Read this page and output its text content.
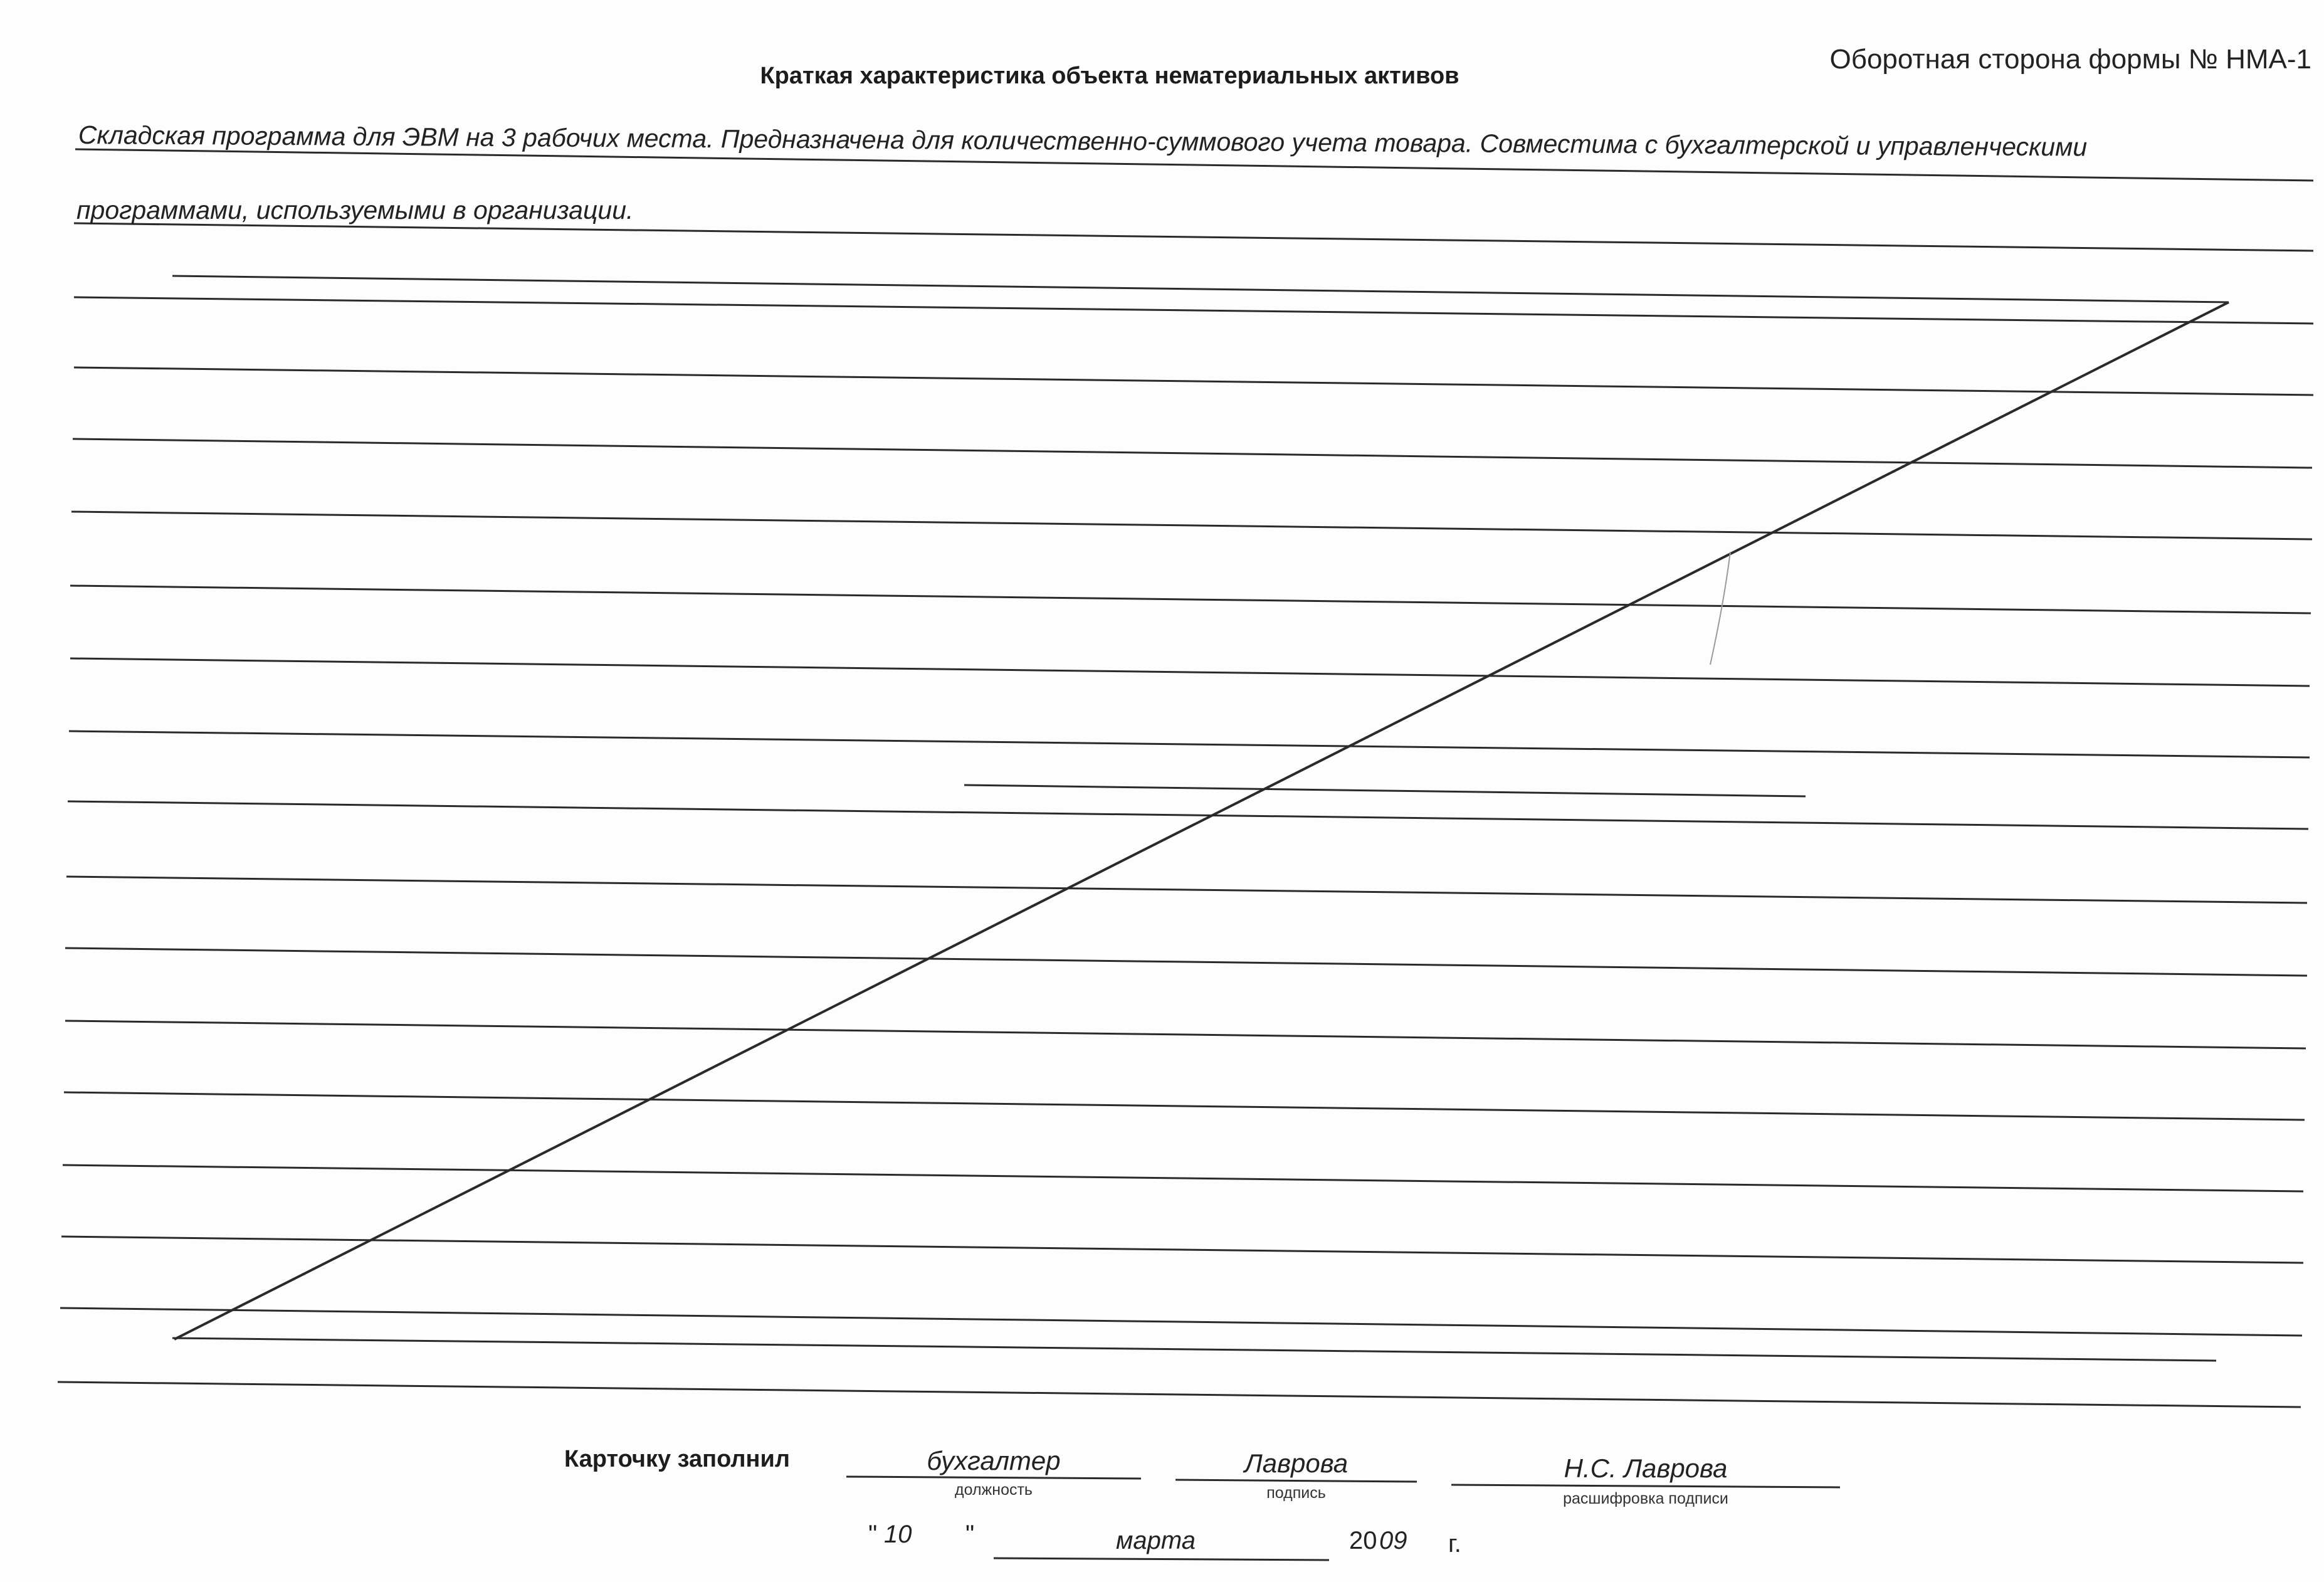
Оборотная сторона формы № НМА-1
Краткая характеристика объекта нематериальных активов
Складская программа для ЭВМ на 3 рабочих места. Предназначена для количественно-суммового учета товара. Совместима с бухгалтерской и управленческими
программами, используемыми в организации.
Карточку заполнил	бухгалтер
должность
Лаврова
подпись
Н.С. Лаврова
расшифровка подписи
" 10 "	марта	20 09 г.
